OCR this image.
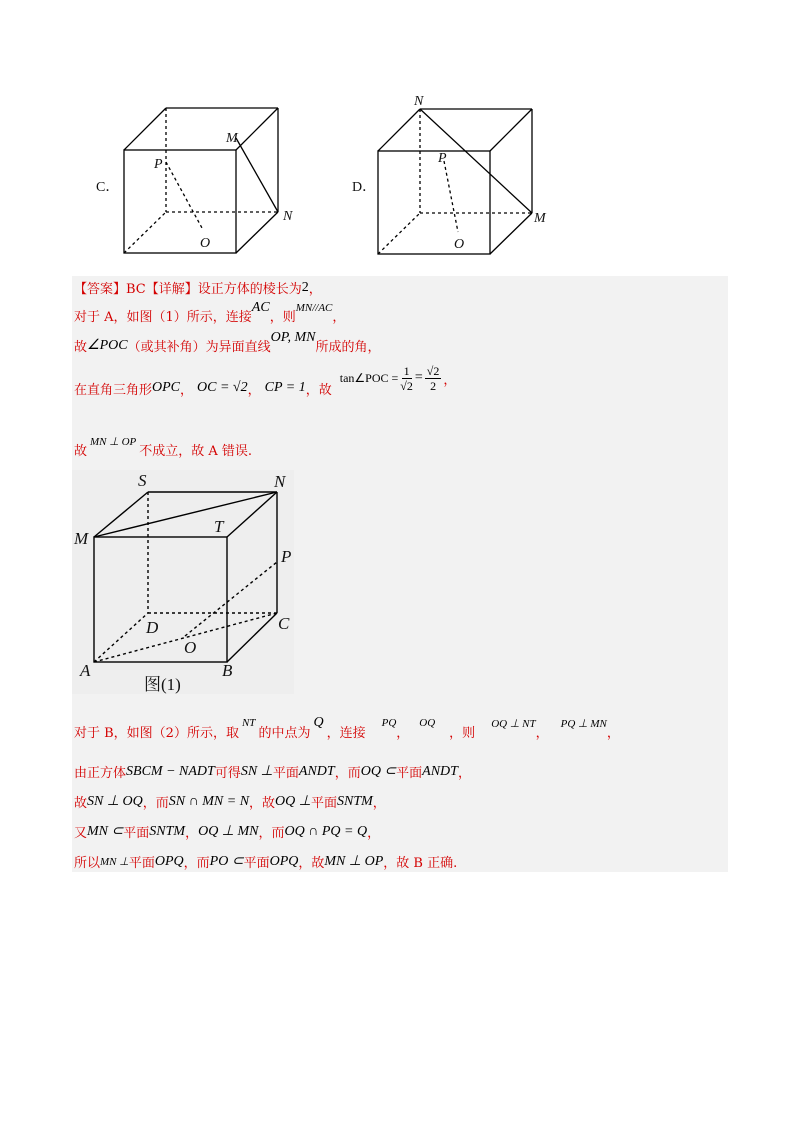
C．
P
M
N
O
D．
N
P
M
O
【答案】BC【详解】 设正方体的棱长为 2 ，
对于 A，如图（1）所示，连接
AC
，则
MN//AC
，
故 ∠POC （或其补角）为异面直线
OP, MN
所成的角，
在直角三角形 OPC ， OC = √2 ， CP = 1 ，故
tan∠POC = $\frac{1}{√2} = \frac{√2}{2}$ ，
故
MN ⊥ OP
不成立，故 A 错误.
S	N
M
T
P
D	C
O
A	B
图(1)
对于 B，如图（2）所示，取
NT
的中点为
Q
，连接
PQ
，
OQ
，则
OQ ⊥ NT
，
PQ ⊥ MN
，
由正方体 SBCM − NADT 可得 SN ⊥ 平面 ANDT ，而 OQ ⊂ 平面 ANDT ，
故 SN ⊥ OQ ，而 SN ∩ MN = N ，故 OQ ⊥ 平面 SNTM ，
又 MN ⊂ 平面 SNTM ， OQ ⊥ MN ，而 OQ ∩ PQ = Q ，
所以 MN ⊥ 平面 OPQ ，而 PO ⊂ 平面 OPQ ，故 MN ⊥ OP ，故 B 正确.
